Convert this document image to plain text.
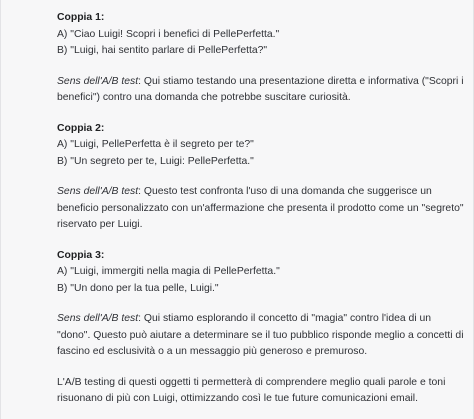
Coppia 1:
A) "Ciao Luigi! Scopri i benefici di PellePerfetta."
B) "Luigi, hai sentito parlare di PellePerfetta?"
Sens dell'A/B test: Qui stiamo testando una presentazione diretta e informativa ("Scopri i benefici") contro una domanda che potrebbe suscitare curiosità.
Coppia 2:
A) "Luigi, PellePerfetta è il segreto per te?"
B) "Un segreto per te, Luigi: PellePerfetta."
Sens dell'A/B test: Questo test confronta l'uso di una domanda che suggerisce un beneficio personalizzato con un'affermazione che presenta il prodotto come un "segreto" riservato per Luigi.
Coppia 3:
A) "Luigi, immergiti nella magia di PellePerfetta."
B) "Un dono per la tua pelle, Luigi."
Sens dell'A/B test: Qui stiamo esplorando il concetto di "magia" contro l'idea di un "dono". Questo può aiutare a determinare se il tuo pubblico risponde meglio a concetti di fascino ed esclusività o a un messaggio più generoso e premuroso.
L'A/B testing di questi oggetti ti permetterà di comprendere meglio quali parole e toni risuonano di più con Luigi, ottimizzando così le tue future comunicazioni email.
